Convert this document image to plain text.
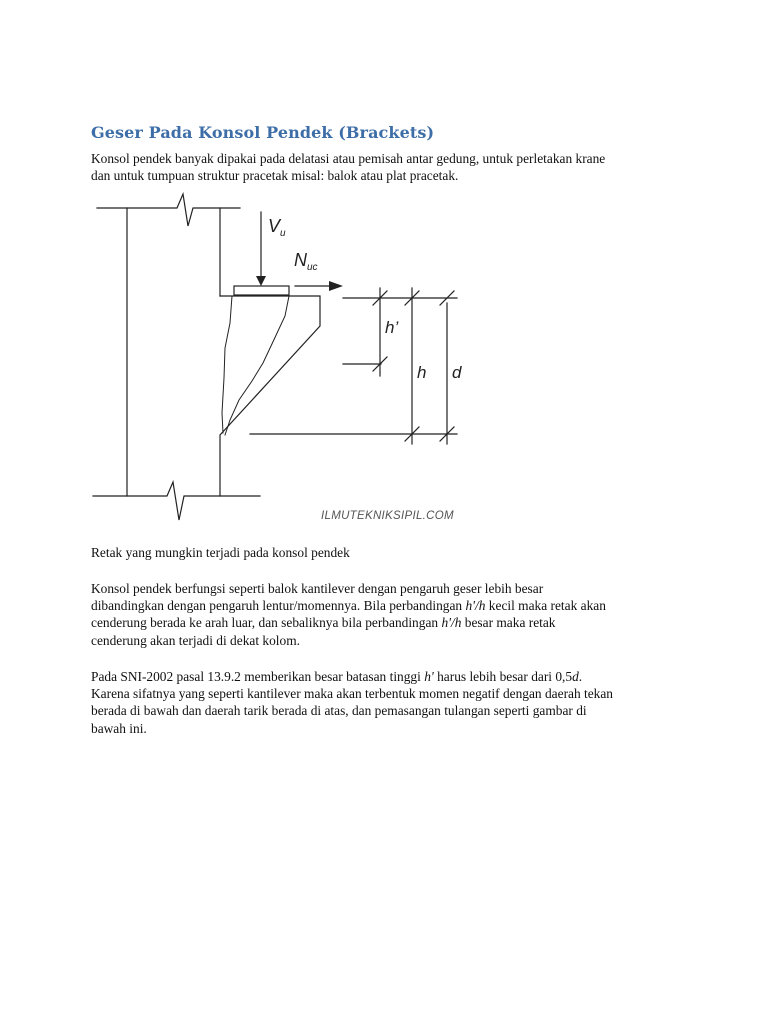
Geser Pada Konsol Pendek (Brackets)

Konsol pendek banyak dipakai pada delatasi atau pemisah antar gedung, untuk perletakan krane

dan untuk tumpuan struktur pracetak misal: balok atau plat pracetak.

$V_u$
$N_{uc}$
h’
h d
ILMUTEKNIKSIPIL.COM

Retak yang mungkin terjadi pada konsol pendek

Konsol pendek berfungsi seperti balok kantilever dengan pengaruh geser lebih besar

dibandingkan dengan pengaruh lentur/momennya. Bila perbandingan h'/h kecil maka retak akan

cenderung berada ke arah luar, dan sebaliknya bila perbandingan h'/h besar maka retak

cenderung akan terjadi di dekat kolom.

Pada SNI-2002 pasal 13.9.2 memberikan besar batasan tinggi h' harus lebih besar dari 0,5d.

Karena sifatnya yang seperti kantilever maka akan terbentuk momen negatif dengan daerah tekan

berada di bawah dan daerah tarik berada di atas, dan pemasangan tulangan seperti gambar di

bawah ini.
